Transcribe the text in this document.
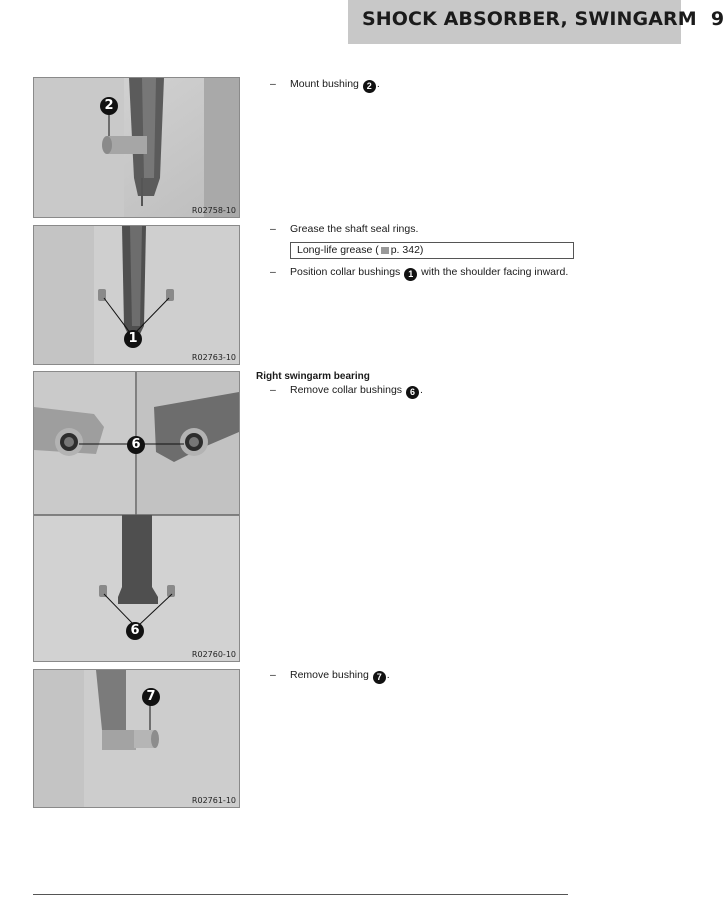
SHOCK ABSORBER, SWINGARM 9
2
R02758-10
1
R02763-10
6
6
R02760-10
7
R02761-10
–	Mount bushing 2 .
–	Grease the shaft seal rings.
Long-life grease ( p. 342)
–	Position collar bushings 1 with the shoulder facing inward.
Right swingarm bearing
–	Remove collar bushings 6 .
–	Remove bushing 7 .
